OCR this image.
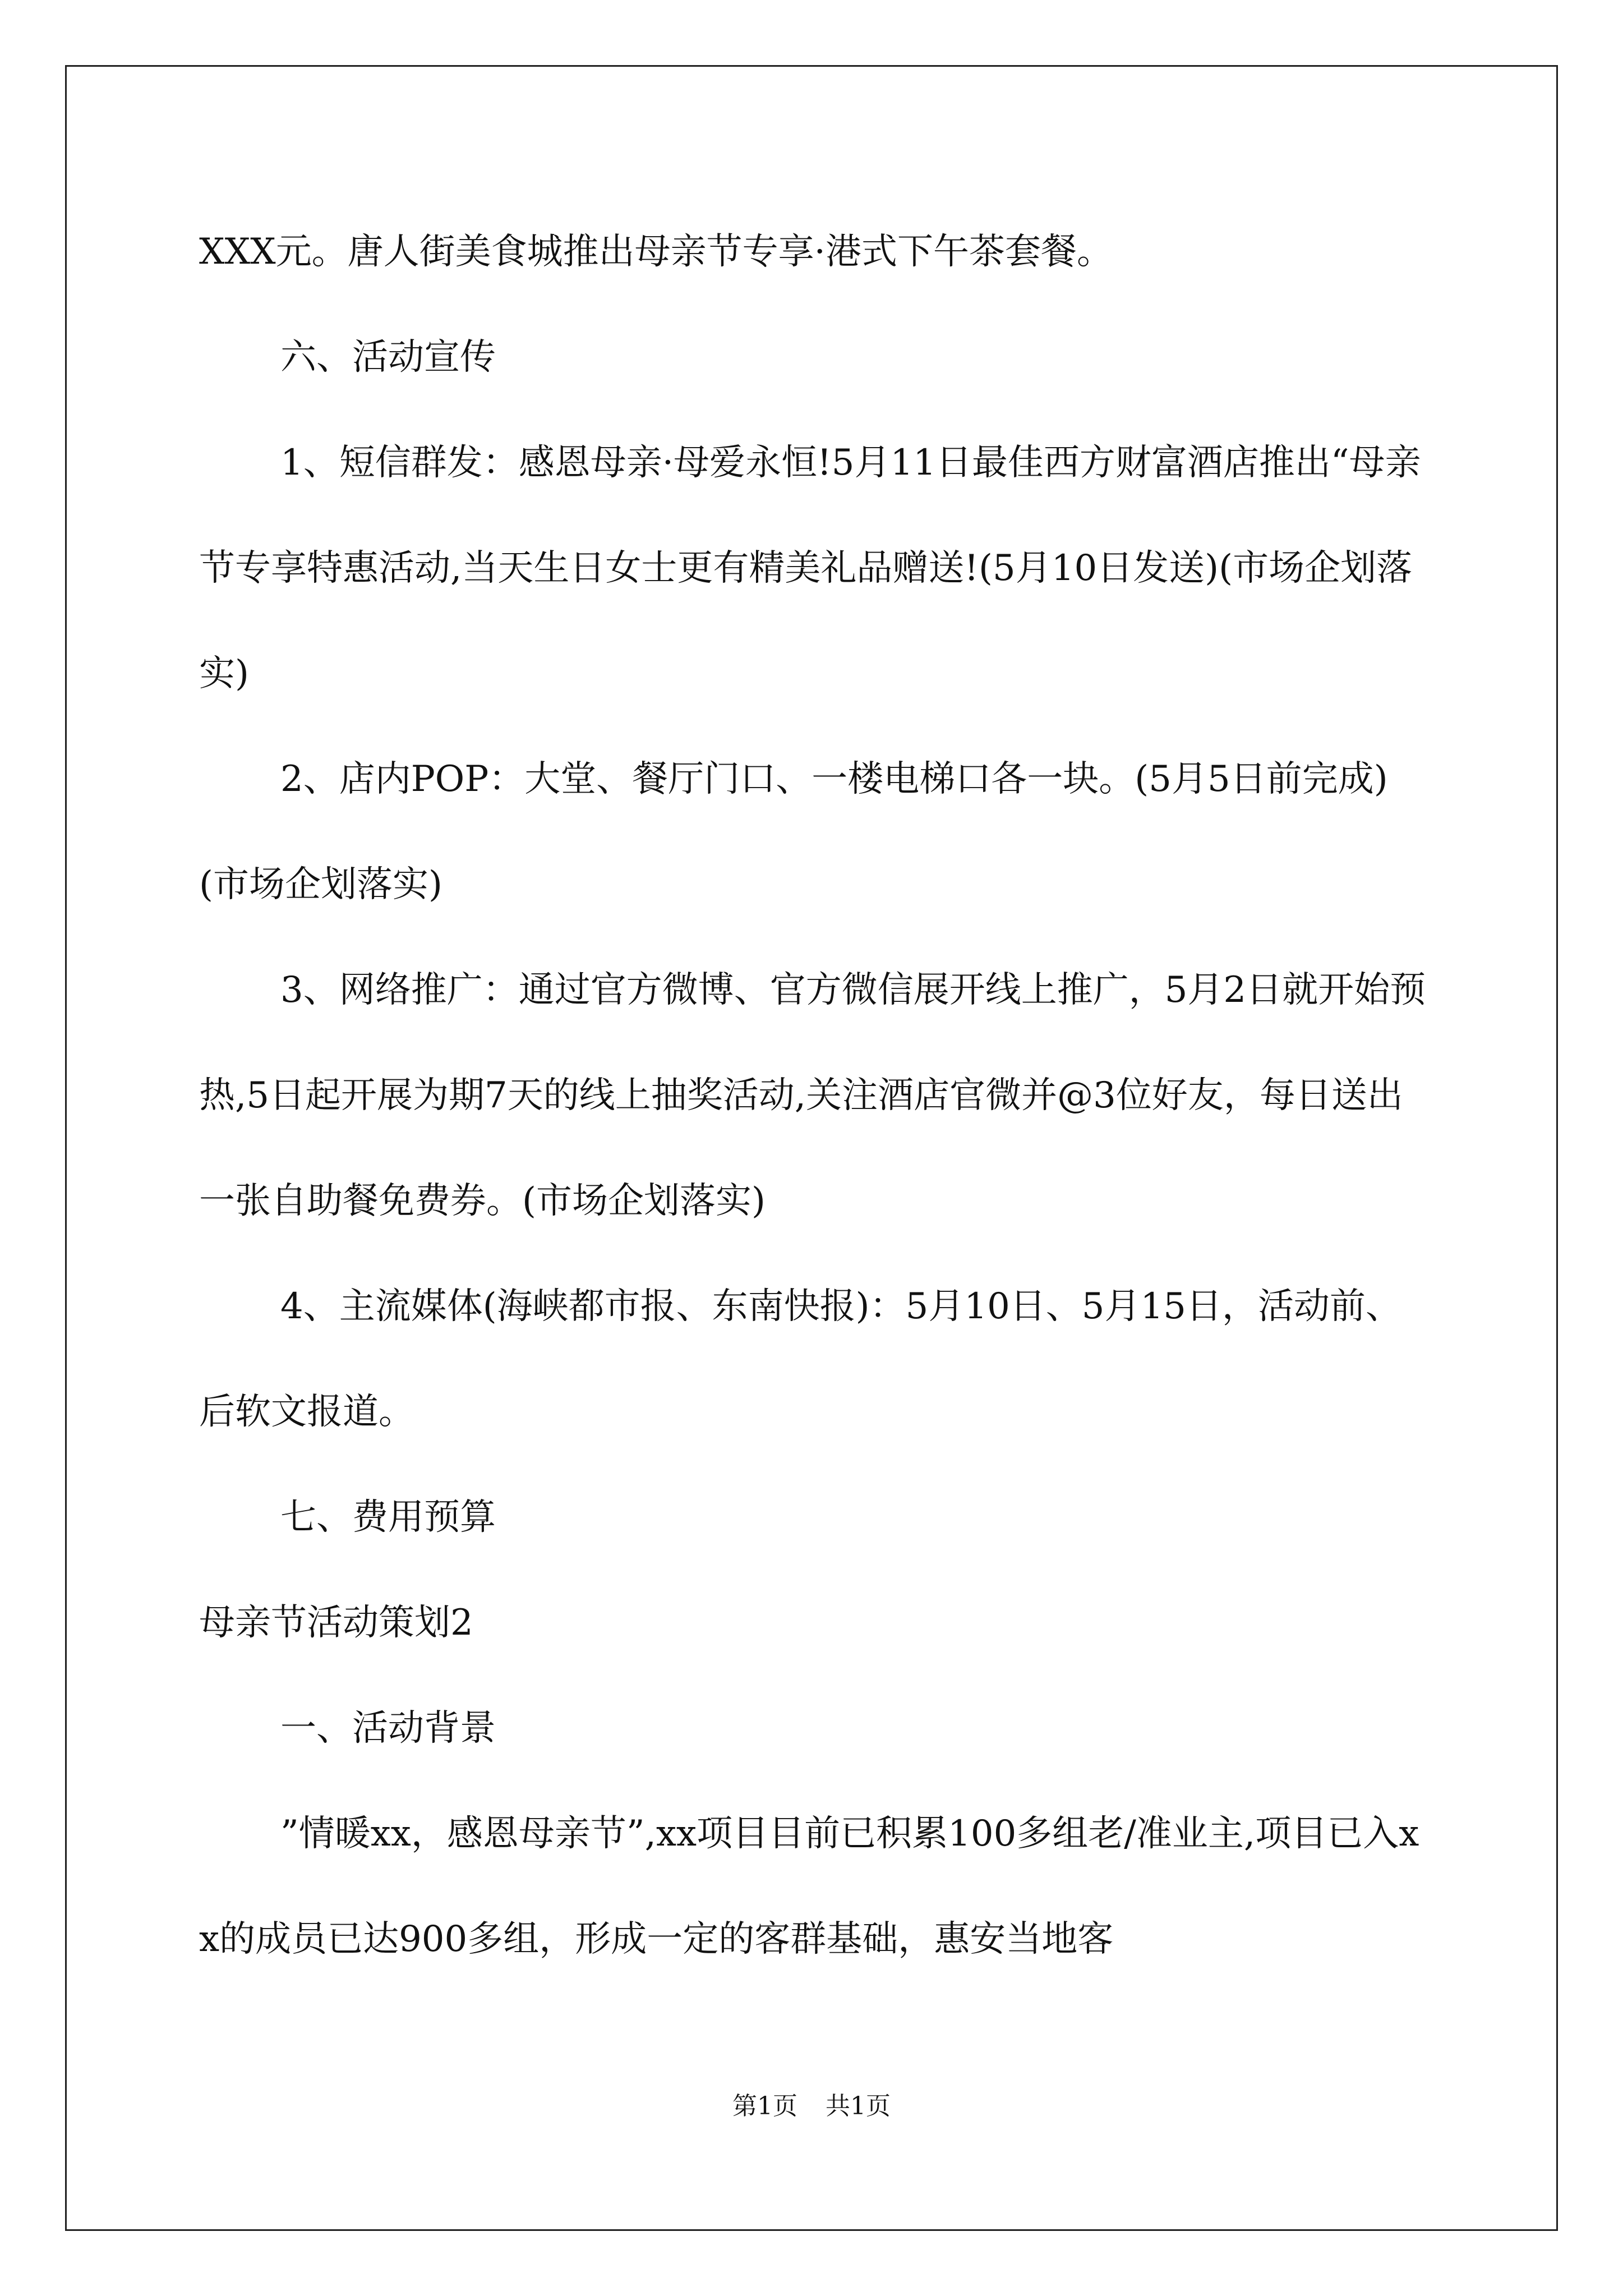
XXX元。唐人街美食城推出母亲节专享·港式下午茶套餐。

六、活动宣传

1、短信群发：感恩母亲·母爱永恒!5月11日最佳西方财富酒店推出“母亲节专享特惠活动,当天生日女士更有精美礼品赠送!(5月10日发送)(市场企划落实)

2、店内POP：大堂、餐厅门口、一楼电梯口各一块。(5月5日前完成)(市场企划落实)

3、网络推广：通过官方微博、官方微信展开线上推广，5月2日就开始预热,5日起开展为期7天的线上抽奖活动,关注酒店官微并@3位好友，每日送出一张自助餐免费券。(市场企划落实)

4、主流媒体(海峡都市报、东南快报)：5月10日、5月15日，活动前、后软文报道。

七、费用预算

母亲节活动策划2

一、活动背景

”情暖xx，感恩母亲节”,xx项目目前已积累100多组老/准业主,项目已入xx的成员已达900多组，形成一定的客群基础，惠安当地客

第1页 共1页
